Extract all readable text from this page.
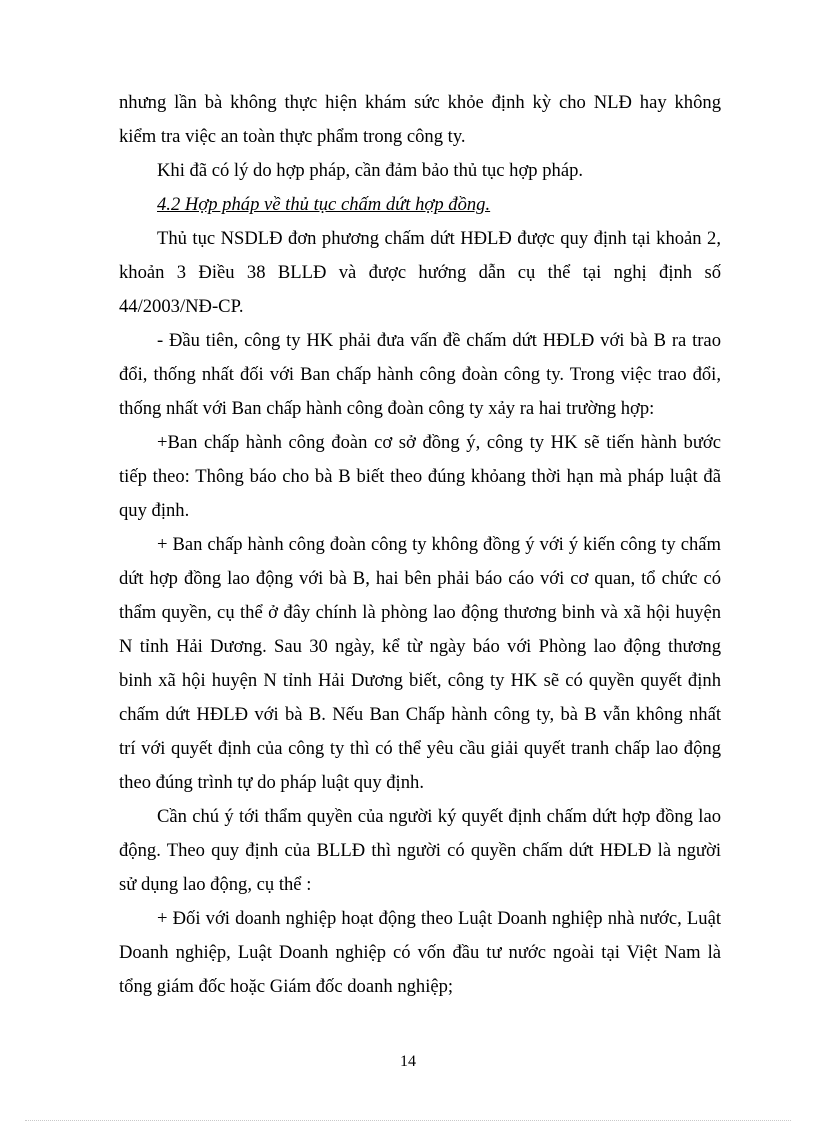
nhưng lần bà không thực hiện khám sức khỏe định kỳ cho NLĐ hay không
kiểm tra việc an toàn thực phẩm trong công ty.
Khi đã có lý do hợp pháp, cần đảm bảo thủ tục hợp pháp.
4.2 Hợp pháp về thủ tục chấm dứt hợp đồng.
Thủ tục NSDLĐ đơn phương chấm dứt HĐLĐ được quy định tại khoản 2,
khoản 3 Điều 38 BLLĐ và được hướng dẫn cụ thể tại nghị định số
44/2003/NĐ-CP.
- Đầu tiên, công ty HK phải đưa vấn đề chấm dứt HĐLĐ với bà B ra trao
đổi, thống nhất đối với Ban chấp hành công đoàn công ty. Trong việc trao đổi,
thống nhất với Ban chấp hành công đoàn công ty xảy ra hai trường hợp:
+Ban chấp hành công đoàn cơ sở đồng ý, công ty HK sẽ tiến hành bước
tiếp theo: Thông báo cho bà B biết theo đúng khỏang thời hạn mà pháp luật đã
quy định.
+ Ban chấp hành công đoàn công ty không đồng ý với ý kiến công ty chấm
dứt hợp đồng lao động với bà B, hai bên phải báo cáo với cơ quan, tổ chức có
thẩm quyền, cụ thể ở đây chính là phòng lao động thương binh và xã hội huyện
N tỉnh Hải Dương. Sau 30 ngày, kể từ ngày báo với Phòng lao động thương
binh xã hội huyện N tỉnh Hải Dương biết, công ty HK sẽ có quyền quyết định
chấm dứt HĐLĐ với bà B. Nếu Ban Chấp hành công ty, bà B vẫn không nhất
trí với quyết định của công ty thì có thể yêu cầu giải quyết tranh chấp lao động
theo đúng trình tự do pháp luật quy định.
Cần chú ý tới thẩm quyền của người ký quyết định chấm dứt hợp đồng lao
động. Theo quy định của BLLĐ thì người có quyền chấm dứt HĐLĐ là người
sử dụng lao động, cụ thể :
+ Đối với doanh nghiệp hoạt động theo Luật Doanh nghiệp nhà nước, Luật
Doanh nghiệp, Luật Doanh nghiệp có vốn đầu tư nước ngoài tại Việt Nam là
tổng giám đốc hoặc Giám đốc doanh nghiệp;
14
